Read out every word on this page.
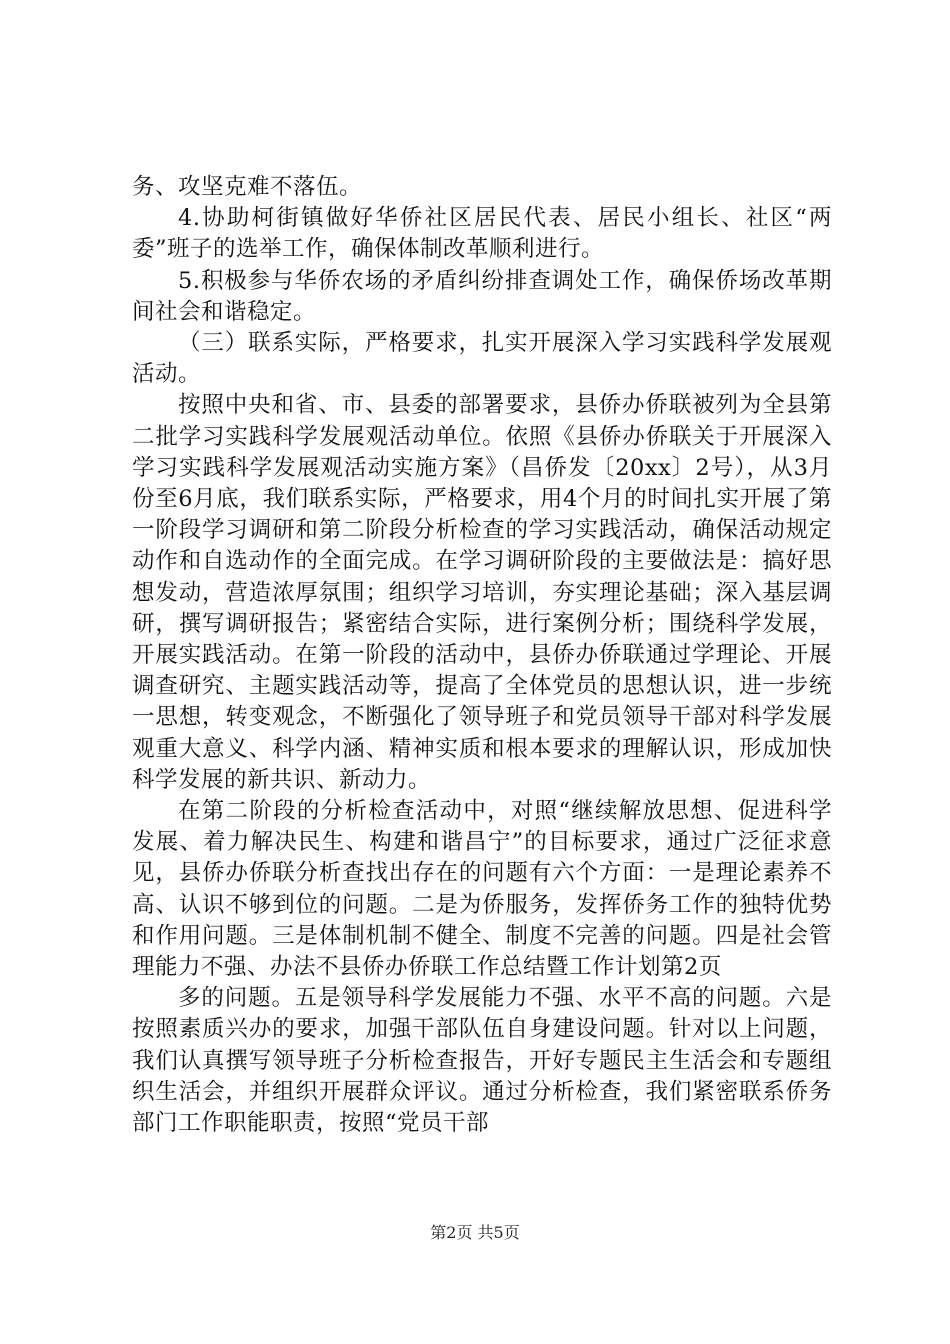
务、攻坚克难不落伍。

4.协助柯街镇做好华侨社区居民代表、居民小组长、社区“两委”班子的选举工作，确保体制改革顺利进行。

5.积极参与华侨农场的矛盾纠纷排查调处工作，确保侨场改革期间社会和谐稳定。

（三）联系实际，严格要求，扎实开展深入学习实践科学发展观活动。

按照中央和省、市、县委的部署要求，县侨办侨联被列为全县第二批学习实践科学发展观活动单位。依照《县侨办侨联关于开展深入学习实践科学发展观活动实施方案》（昌侨发〔20xx〕2号），从3月份至6月底，我们联系实际，严格要求，用4个月的时间扎实开展了第一阶段学习调研和第二阶段分析检查的学习实践活动，确保活动规定动作和自选动作的全面完成。在学习调研阶段的主要做法是：搞好思想发动，营造浓厚氛围；组织学习培训，夯实理论基础；深入基层调研，撰写调研报告；紧密结合实际，进行案例分析；围绕科学发展，开展实践活动。在第一阶段的活动中，县侨办侨联通过学理论、开展调查研究、主题实践活动等，提高了全体党员的思想认识，进一步统一思想，转变观念，不断强化了领导班子和党员领导干部对科学发展观重大意义、科学内涵、精神实质和根本要求的理解认识，形成加快科学发展的新共识、新动力。

在第二阶段的分析检查活动中，对照“继续解放思想、促进科学发展、着力解决民生、构建和谐昌宁”的目标要求，通过广泛征求意见，县侨办侨联分析查找出存在的问题有六个方面：一是理论素养不高、认识不够到位的问题。二是为侨服务，发挥侨务工作的独特优势和作用问题。三是体制机制不健全、制度不完善的问题。四是社会管理能力不强、办法不县侨办侨联工作总结暨工作计划第2页

多的问题。五是领导科学发展能力不强、水平不高的问题。六是按照素质兴办的要求，加强干部队伍自身建设问题。针对以上问题，我们认真撰写领导班子分析检查报告，开好专题民主生活会和专题组织生活会，并组织开展群众评议。通过分析检查，我们紧密联系侨务部门工作职能职责，按照“党员干部

第2页 共5页
